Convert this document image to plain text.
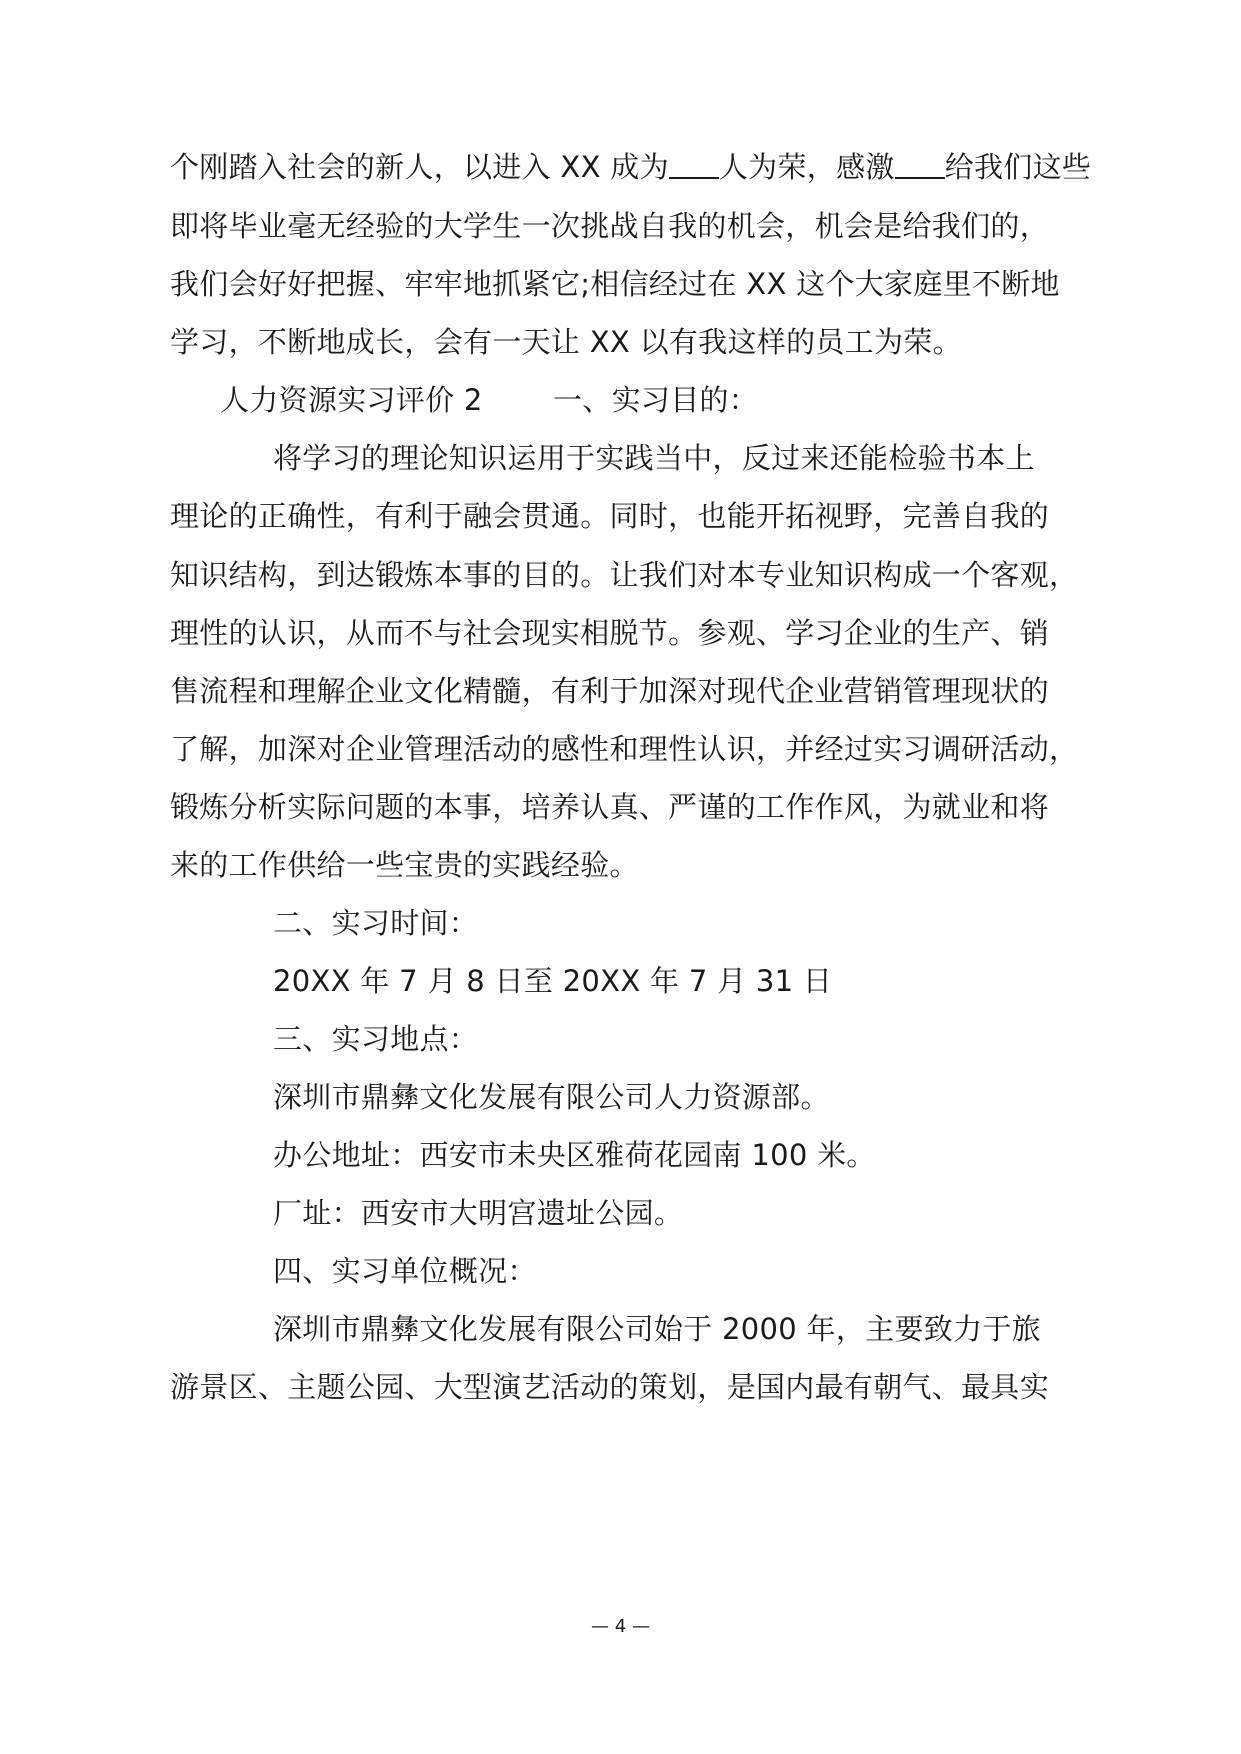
个刚踏入社会的新人，以进入 XX 成为 人为荣，感激 给我们这些
即将毕业毫无经验的大学生一次挑战自我的机会，机会是给我们的，
我们会好好把握、牢牢地抓紧它;相信经过在 XX 这个大家庭里不断地
学习，不断地成长，会有一天让 XX 以有我这样的员工为荣。
人力资源实习评价 2 一、实习目的：
将学习的理论知识运用于实践当中，反过来还能检验书本上
理论的正确性，有利于融会贯通。同时，也能开拓视野，完善自我的
知识结构，到达锻炼本事的目的。让我们对本专业知识构成一个客观，
理性的认识，从而不与社会现实相脱节。参观、学习企业的生产、销
售流程和理解企业文化精髓，有利于加深对现代企业营销管理现状的
了解，加深对企业管理活动的感性和理性认识，并经过实习调研活动，
锻炼分析实际问题的本事，培养认真、严谨的工作作风，为就业和将
来的工作供给一些宝贵的实践经验。
二、实习时间：
20XX 年 7 月 8 日至 20XX 年 7 月 31 日
三、实习地点：
深圳市鼎彝文化发展有限公司人力资源部。
办公地址：西安市未央区雅荷花园南 100 米。
厂址：西安市大明宫遗址公园。
四、实习单位概况：
深圳市鼎彝文化发展有限公司始于 2000 年，主要致力于旅
游景区、主题公园、大型演艺活动的策划，是国内最有朝气、最具实
— 4 —
